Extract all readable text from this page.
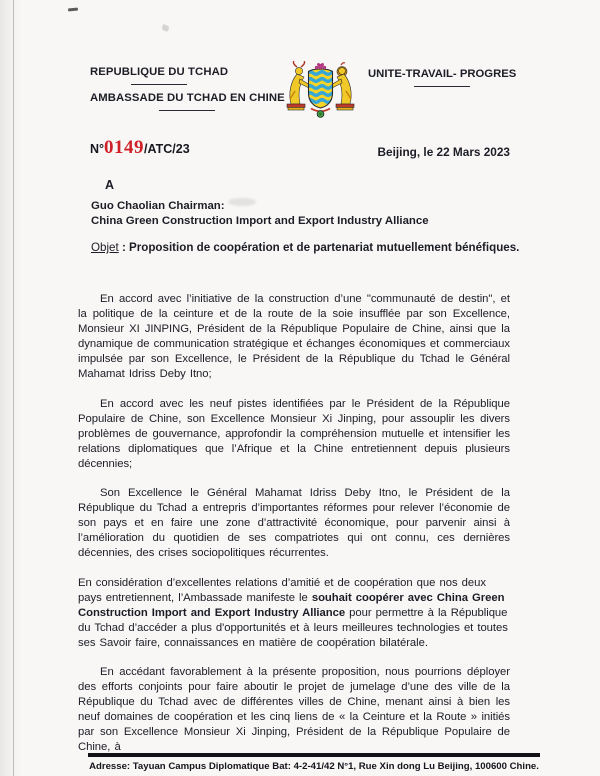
REPUBLIQUE DU TCHAD

AMBASSADE DU TCHAD EN CHINE
UNITE-TRAVAIL- PROGRES
N°0149/ATC/23	Beijing, le 22 Mars 2023
A
Guo Chaolian Chairman:
China Green Construction Import and Export Industry Alliance
Objet : Proposition de coopération et de partenariat mutuellement bénéfiques.

En accord avec l’initiative de la construction d’une "communauté de destin", et la politique de la ceinture et de la route de la soie insufflée par son Excellence, Monsieur XI JINPING, Président de la République Populaire de Chine, ainsi que la dynamique de communication stratégique et échanges économiques et commerciaux impulsée par son Excellence, le Président de la République du Tchad le Général Mahamat Idriss Deby Itno;

En accord avec les neuf pistes identifiées par le Président de la République Populaire de Chine, son Excellence Monsieur Xi Jinping, pour assouplir les divers problèmes de gouvernance, approfondir la compréhension mutuelle et intensifier les relations diplomatiques que l’Afrique et la Chine entretiennent depuis plusieurs décennies;

Son Excellence le Général Mahamat Idriss Deby Itno, le Président de la République du Tchad a entrepris d’importantes réformes pour relever l’économie de son pays et en faire une zone d’attractivité économique, pour parvenir ainsi à l’amélioration du quotidien de ses compatriotes qui ont connu, ces dernières décennies, des crises sociopolitiques récurrentes.

En considération d’excellentes relations d’amitié et de coopération que nos deux pays entretiennent, l’Ambassade manifeste le souhait coopérer avec China Green Construction Import and Export Industry Alliance pour permettre à la République du Tchad d’accéder a plus d'opportunités et à leurs meilleures technologies et toutes ses Savoir faire, connaissances en matière de coopération bilatérale.

En accédant favorablement à la présente proposition, nous pourrions déployer des efforts conjoints pour faire aboutir le projet de jumelage d’une des ville de la République du Tchad avec de différentes villes de Chine, menant ainsi à bien les neuf domaines de coopération et les cinq liens de « la Ceinture et la Route » initiés par son Excellence Monsieur Xi Jinping, Président de la République Populaire de Chine, à

Adresse: Tayuan Campus Diplomatique Bat: 4-2-41/42 N°1, Rue Xin dong Lu Beijing, 100600 Chine.
